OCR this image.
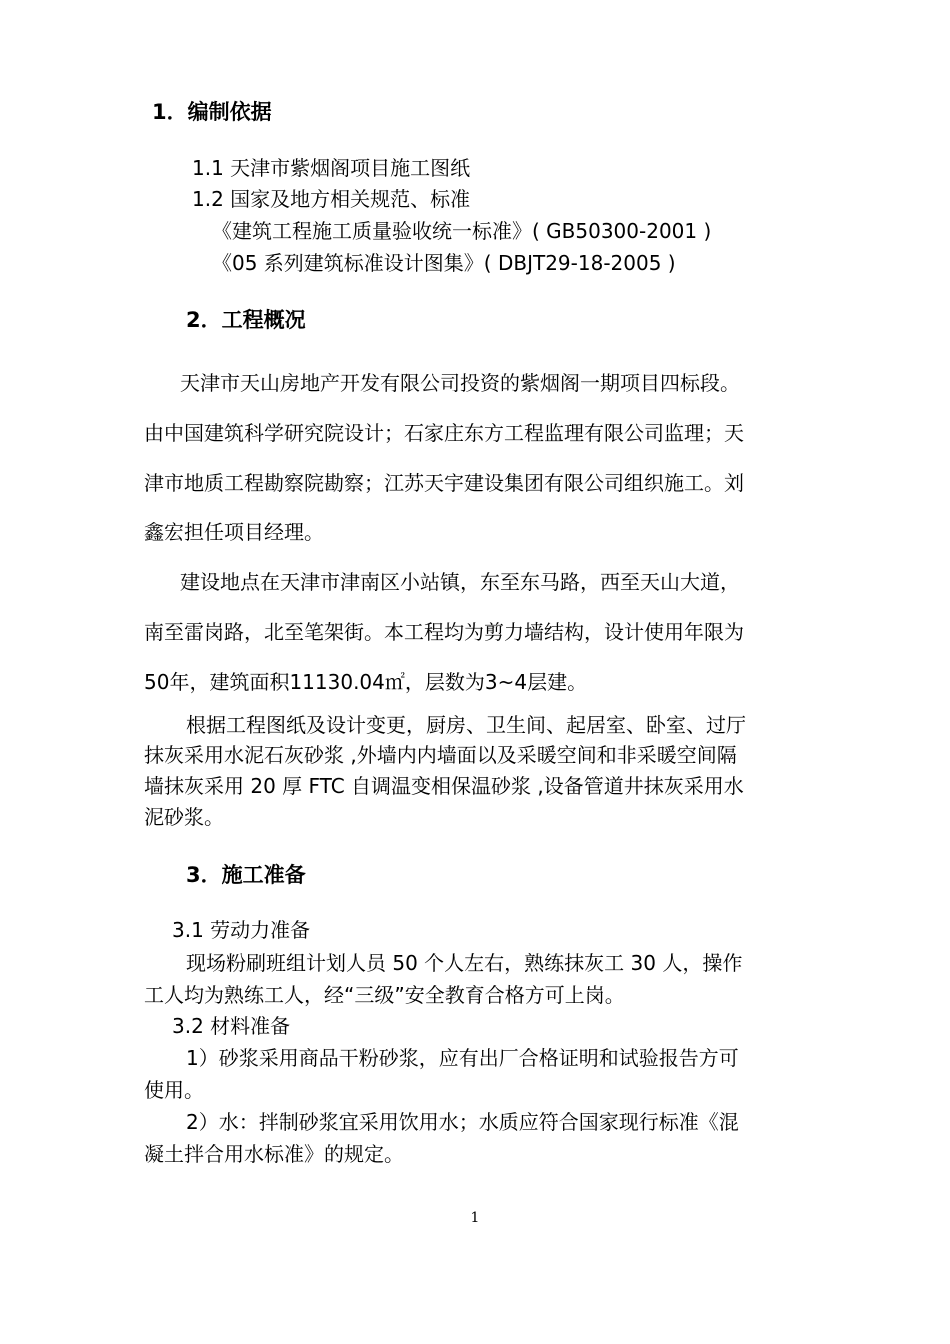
1．编制依据
1.1 天津市紫烟阁项目施工图纸
1.2 国家及地方相关规范、标准
《建筑工程施工质量验收统一标准》( GB50300-2001 )
《05 系列建筑标准设计图集》( DBJT29-18-2005 )
2．工程概况
天津市天山房地产开发有限公司投资的紫烟阁一期项目四标段。
由中国建筑科学研究院设计；石家庄东方工程监理有限公司监理；天
津市地质工程勘察院勘察；江苏天宇建设集团有限公司组织施工。刘
鑫宏担任项目经理。
建设地点在天津市津南区小站镇，东至东马路，西至天山大道，
南至雷岗路，北至笔架街。本工程均为剪力墙结构，设计使用年限为
50年，建筑面积11130.04㎡，层数为3~4层建。
根据工程图纸及设计变更，厨房、卫生间、起居室、卧室、过厅
抹灰采用水泥石灰砂浆 ,外墙内内墙面以及采暖空间和非采暖空间隔
墙抹灰采用 20 厚 FTC 自调温变相保温砂浆 ,设备管道井抹灰采用水
泥砂浆。
3．施工准备
3.1 劳动力准备
现场粉刷班组计划人员 50 个人左右，熟练抹灰工 30 人，操作
工人均为熟练工人，经“三级”安全教育合格方可上岗。
3.2 材料准备
1）砂浆采用商品干粉砂浆，应有出厂合格证明和试验报告方可
使用。
2）水：拌制砂浆宜采用饮用水；水质应符合国家现行标准《混
凝土拌合用水标准》的规定。
1
